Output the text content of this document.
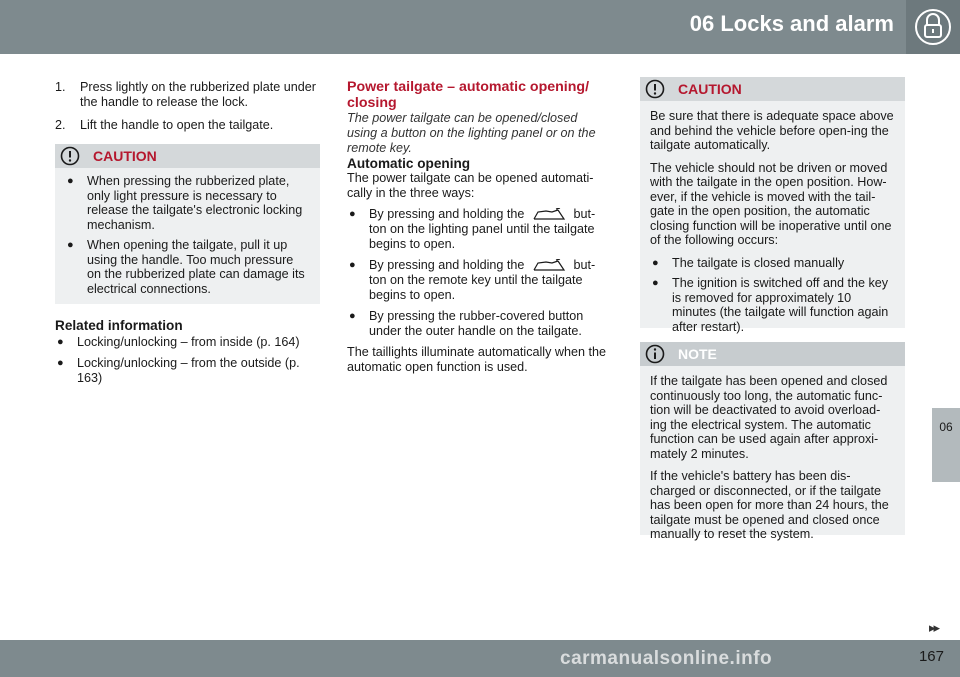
06 Locks and alarm
1. Press lightly on the rubberized plate under the handle to release the lock.
2. Lift the handle to open the tailgate.
CAUTION
● When pressing the rubberized plate, only light pressure is necessary to release the tailgate's electronic locking mechanism.
● When opening the tailgate, pull it up using the handle. Too much pressure on the rubberized plate can damage its electrical connections.

Related information

● Locking/unlocking – from inside (p. 164)
● Locking/unlocking – from the outside (p. 163)

Power tailgate – automatic opening/ closing

The power tailgate can be opened/closed using a button on the lighting panel or on the remote key.

Automatic opening

The power tailgate can be opened automati-cally in the three ways:

● By pressing and holding the	but-ton on the lighting panel until the tailgate begins to open.
● By pressing and holding the	but-ton on the remote key until the tailgate begins to open.
● By pressing the rubber-covered button under the outer handle on the tailgate.

The taillights illuminate automatically when the automatic open function is used.

CAUTION

Be sure that there is adequate space above and behind the vehicle before open-ing the tailgate automatically.

The vehicle should not be driven or moved with the tailgate in the open position. How-ever, if the vehicle is moved with the tail-gate in the open position, the automatic closing function will be inoperative until one of the following occurs:

● The tailgate is closed manually
● The ignition is switched off and the key is removed for approximately 10 minutes (the tailgate will function again after restart).
NOTE

If the tailgate has been opened and closed continuously too long, the automatic func-tion will be deactivated to avoid overload-ing the electrical system. The automatic function can be used again after approxi-mately 2 minutes.

If the vehicle's battery has been dis-charged or disconnected, or if the tailgate has been open for more than 24 hours, the tailgate must be opened and closed once manually to reset the system.

06
▸▸
167
carmanualsonline.info
